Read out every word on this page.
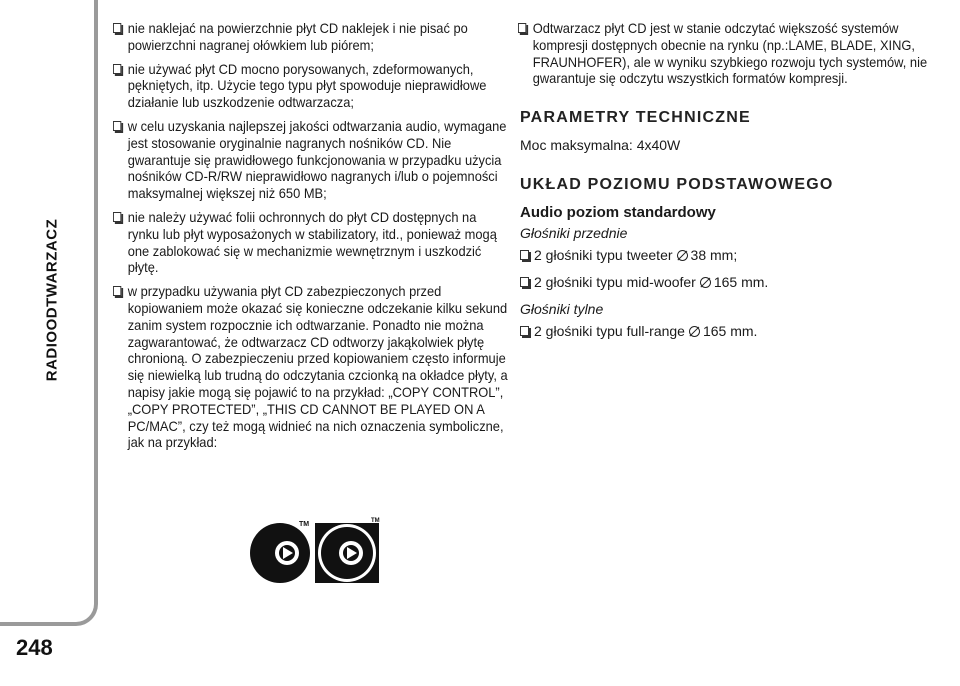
RADIOODTWARZACZ
248
nie naklejać na powierzchnie płyt CD naklejek i nie pisać po powierzchni nagranej ołówkiem lub piórem;
nie używać płyt CD mocno porysowanych, zdeformowanych, pękniętych, itp. Użycie tego typu płyt spowoduje nieprawidłowe działanie lub uszkodzenie odtwarzacza;
w celu uzyskania najlepszej jakości odtwarzania audio, wymagane jest stosowanie oryginalnie nagranych nośników CD. Nie gwarantuje się prawidłowego funkcjonowania w przypadku użycia nośników CD-R/RW nieprawidłowo nagranych i/lub o pojemności maksymalnej większej niż 650 MB;
nie należy używać folii ochronnych do płyt CD dostępnych na rynku lub płyt wyposażonych w stabilizatory, itd., ponieważ mogą one zablokować się w mechanizmie wewnętrznym i uszkodzić płytę.
w przypadku używania płyt CD zabezpieczonych przed kopiowaniem może okazać się konieczne odczekanie kilku sekund zanim system rozpocznie ich odtwarzanie. Ponadto nie można zagwarantować, że odtwarzacz CD odtworzy jakąkolwiek płytę chronioną. O zabezpieczeniu przed kopiowaniem często informuje się niewielką lub trudną do odczytania czcionką na okładce płyty, a napisy jakie mogą się pojawić to na przykład: „COPY CONTROL”, „COPY PROTECTED”, „THIS CD CANNOT BE PLAYED ON A PC/MAC”, czy też mogą widnieć na nich oznaczenia symboliczne, jak na przykład:
TM	TM
Odtwarzacz płyt CD jest w stanie odczytać większość systemów kompresji dostępnych obecnie na rynku (np.:LAME, BLADE, XING, FRAUNHOFER), ale w wyniku szybkiego rozwoju tych systemów, nie gwarantuje się odczytu wszystkich formatów kompresji.
PARAMETRY TECHNICZNE
Moc maksymalna: 4x40W
UKŁAD POZIOMU PODSTAWOWEGO
Audio poziom standardowy
Głośniki przednie
2 głośniki typu tweeter 38 mm;
2 głośniki typu mid-woofer 165 mm.
Głośniki tylne
2 głośniki typu full-range 165 mm.
